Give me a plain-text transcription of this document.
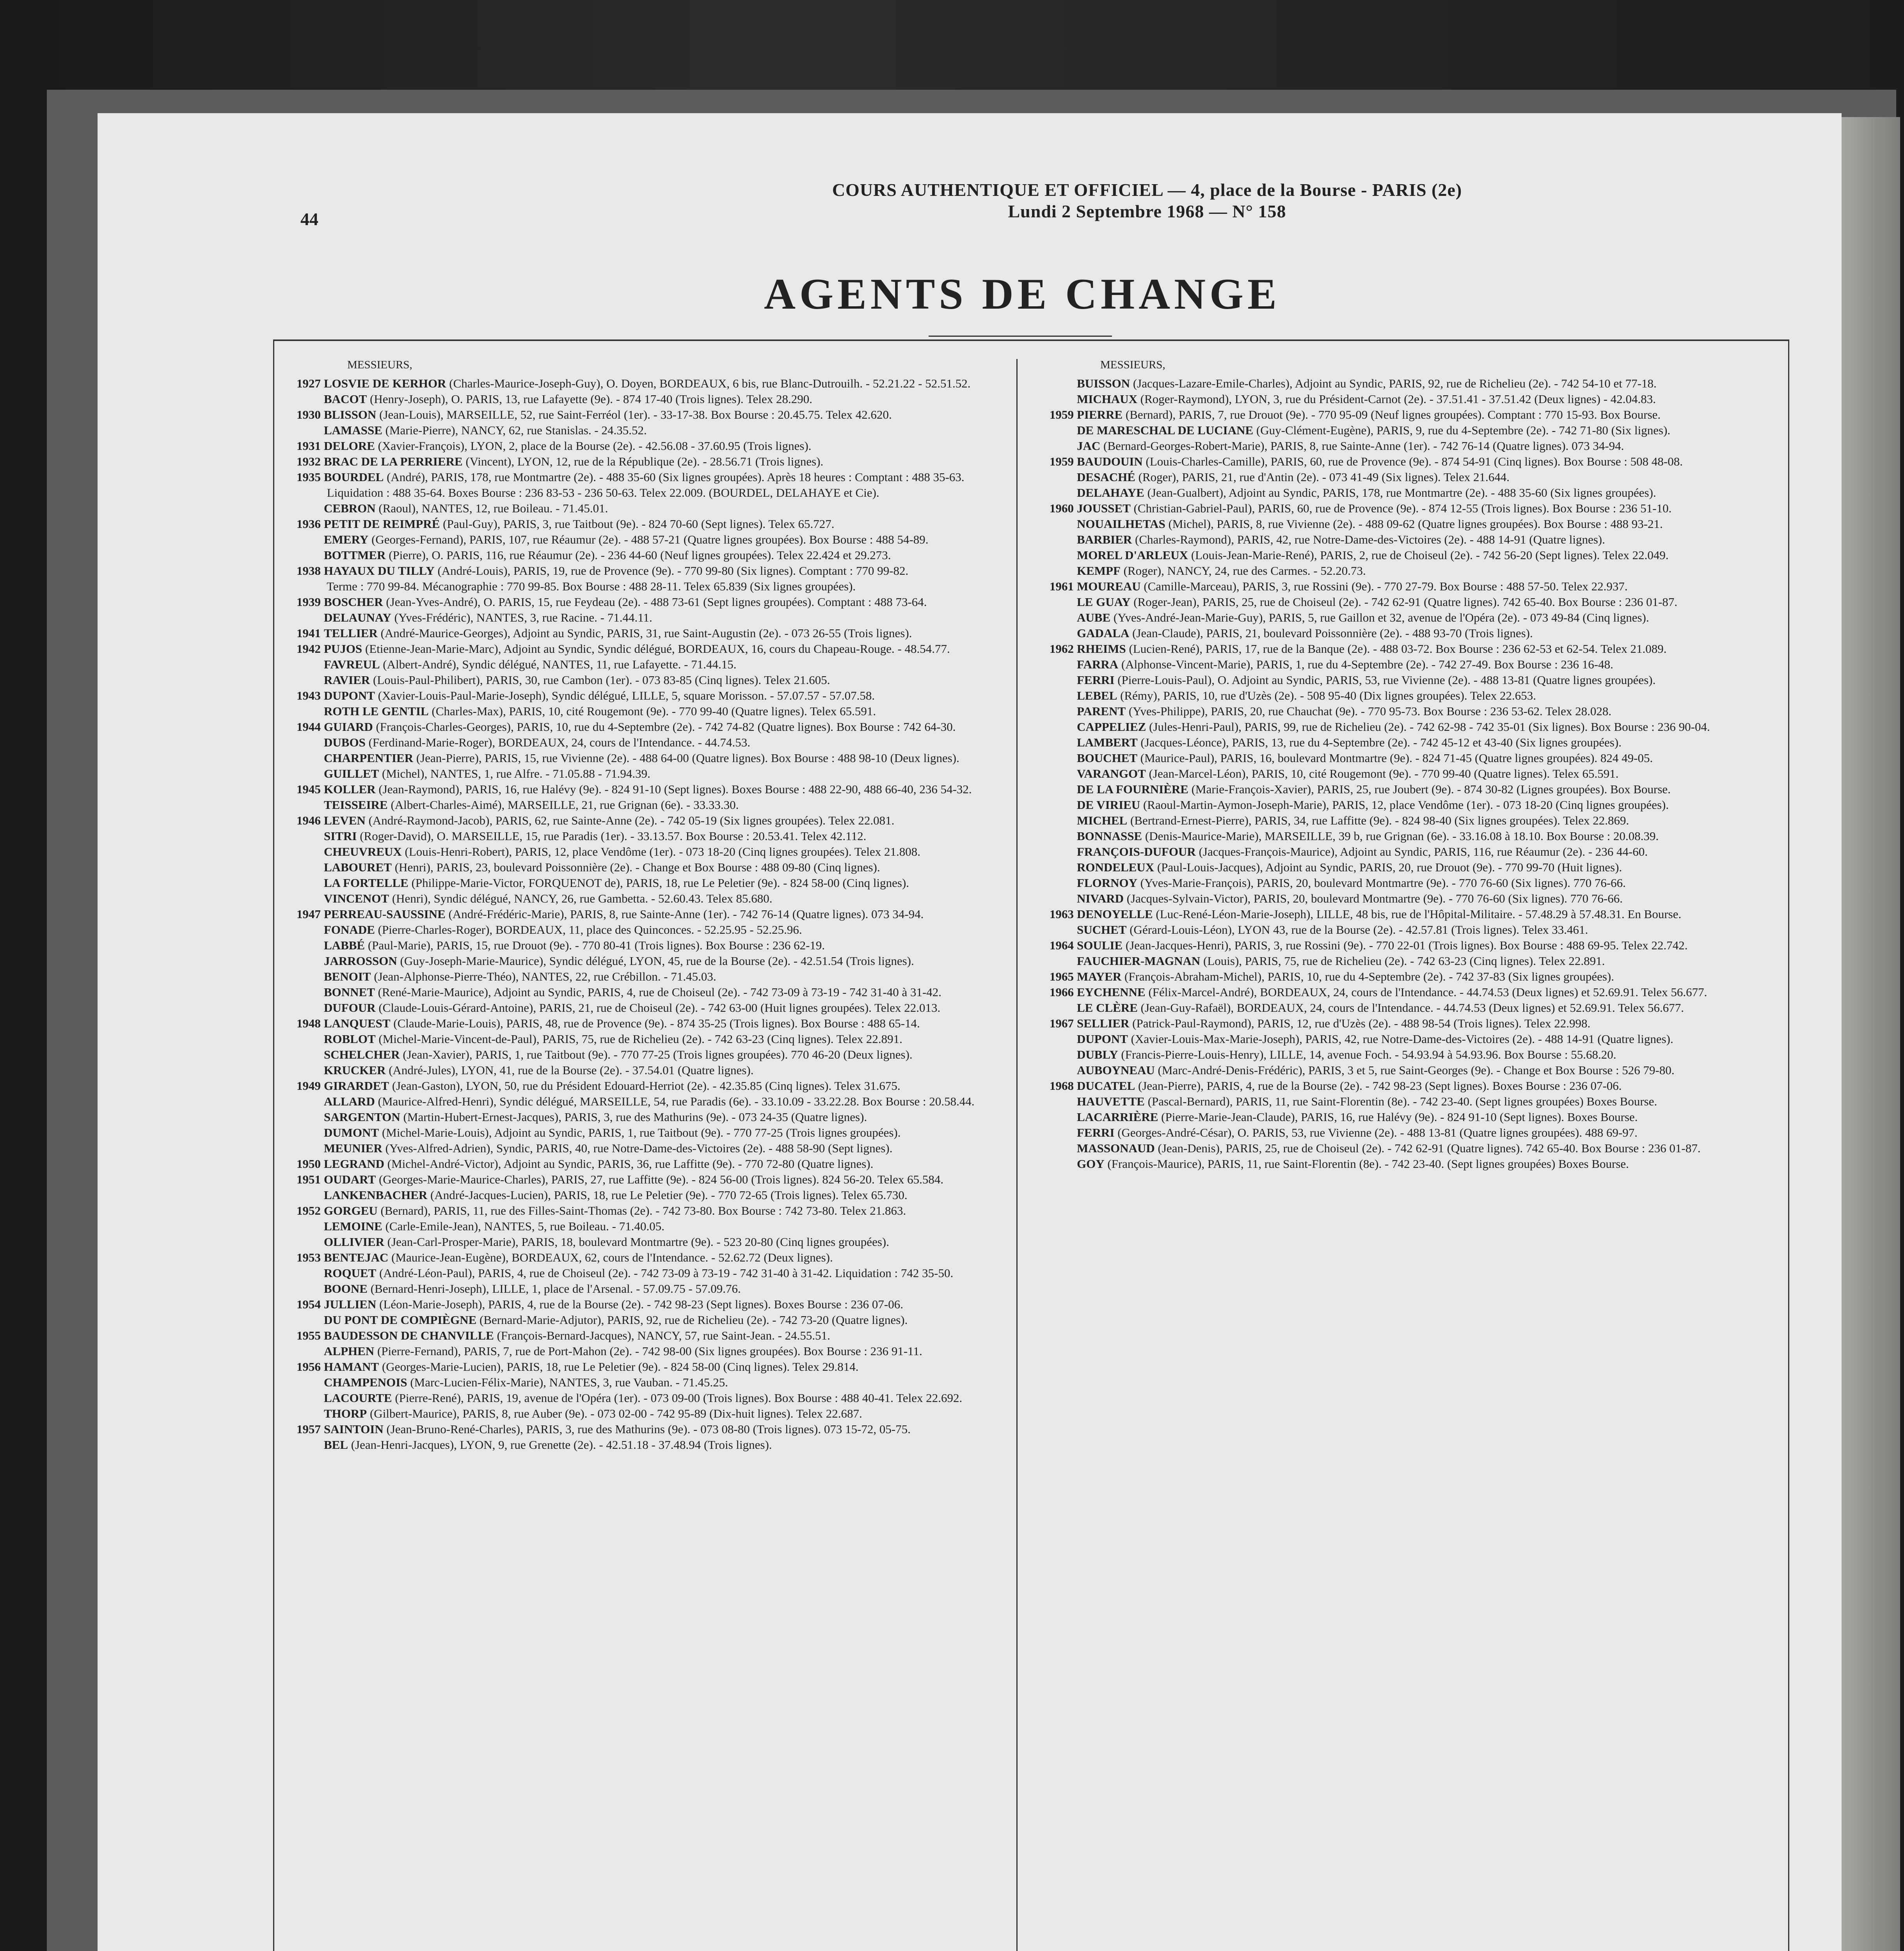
44
COURS AUTHENTIQUE ET OFFICIEL — 4, place de la Bourse - PARIS (2e)
Lundi 2 Septembre 1968 — N° 158
AGENTS DE CHANGE
MESSIEURS,
1927 LOSVIE DE KERHOR (Charles-Maurice-Joseph-Guy), O. Doyen, BORDEAUX, 6 bis, rue Blanc-Dutrouilh. - 52.21.22 - 52.51.52.
BACOT (Henry-Joseph), O. PARIS, 13, rue Lafayette (9e). - 874 17-40 (Trois lignes). Telex 28.290.
1930 BLISSON (Jean-Louis), MARSEILLE, 52, rue Saint-Ferréol (1er). - 33-17-38. Box Bourse : 20.45.75. Telex 42.620.
LAMASSE (Marie-Pierre), NANCY, 62, rue Stanislas. - 24.35.52.
1931 DELORE (Xavier-François), LYON, 2, place de la Bourse (2e). - 42.56.08 - 37.60.95 (Trois lignes).
1932 BRAC DE LA PERRIERE (Vincent), LYON, 12, rue de la République (2e). - 28.56.71 (Trois lignes).
1935 BOURDEL (André), PARIS, 178, rue Montmartre (2e). - 488 35-60 (Six lignes groupées). Après 18 heures : Comptant : 488 35-63.
Liquidation : 488 35-64. Boxes Bourse : 236 83-53 - 236 50-63. Telex 22.009. (BOURDEL, DELAHAYE et Cie).
CEBRON (Raoul), NANTES, 12, rue Boileau. - 71.45.01.
1936 PETIT DE REIMPRÉ (Paul-Guy), PARIS, 3, rue Taitbout (9e). - 824 70-60 (Sept lignes). Telex 65.727.
EMERY (Georges-Fernand), PARIS, 107, rue Réaumur (2e). - 488 57-21 (Quatre lignes groupées). Box Bourse : 488 54-89.
BOTTMER (Pierre), O. PARIS, 116, rue Réaumur (2e). - 236 44-60 (Neuf lignes groupées). Telex 22.424 et 29.273.
1938 HAYAUX DU TILLY (André-Louis), PARIS, 19, rue de Provence (9e). - 770 99-80 (Six lignes). Comptant : 770 99-82.
Terme : 770 99-84. Mécanographie : 770 99-85. Box Bourse : 488 28-11. Telex 65.839 (Six lignes groupées).
1939 BOSCHER (Jean-Yves-André), O. PARIS, 15, rue Feydeau (2e). - 488 73-61 (Sept lignes groupées). Comptant : 488 73-64.
DELAUNAY (Yves-Frédéric), NANTES, 3, rue Racine. - 71.44.11.
1941 TELLIER (André-Maurice-Georges), Adjoint au Syndic, PARIS, 31, rue Saint-Augustin (2e). - 073 26-55 (Trois lignes).
1942 PUJOS (Etienne-Jean-Marie-Marc), Adjoint au Syndic, Syndic délégué, BORDEAUX, 16, cours du Chapeau-Rouge. - 48.54.77.
FAVREUL (Albert-André), Syndic délégué, NANTES, 11, rue Lafayette. - 71.44.15.
RAVIER (Louis-Paul-Philibert), PARIS, 30, rue Cambon (1er). - 073 83-85 (Cinq lignes). Telex 21.605.
1943 DUPONT (Xavier-Louis-Paul-Marie-Joseph), Syndic délégué, LILLE, 5, square Morisson. - 57.07.57 - 57.07.58.
ROTH LE GENTIL (Charles-Max), PARIS, 10, cité Rougemont (9e). - 770 99-40 (Quatre lignes). Telex 65.591.
1944 GUIARD (François-Charles-Georges), PARIS, 10, rue du 4-Septembre (2e). - 742 74-82 (Quatre lignes). Box Bourse : 742 64-30.
DUBOS (Ferdinand-Marie-Roger), BORDEAUX, 24, cours de l'Intendance. - 44.74.53.
CHARPENTIER (Jean-Pierre), PARIS, 15, rue Vivienne (2e). - 488 64-00 (Quatre lignes). Box Bourse : 488 98-10 (Deux lignes).
GUILLET (Michel), NANTES, 1, rue Alfre. - 71.05.88 - 71.94.39.
1945 KOLLER (Jean-Raymond), PARIS, 16, rue Halévy (9e). - 824 91-10 (Sept lignes). Boxes Bourse : 488 22-90, 488 66-40, 236 54-32.
TEISSEIRE (Albert-Charles-Aimé), MARSEILLE, 21, rue Grignan (6e). - 33.33.30.
1946 LEVEN (André-Raymond-Jacob), PARIS, 62, rue Sainte-Anne (2e). - 742 05-19 (Six lignes groupées). Telex 22.081.
SITRI (Roger-David), O. MARSEILLE, 15, rue Paradis (1er). - 33.13.57. Box Bourse : 20.53.41. Telex 42.112.
CHEUVREUX (Louis-Henri-Robert), PARIS, 12, place Vendôme (1er). - 073 18-20 (Cinq lignes groupées). Telex 21.808.
LABOURET (Henri), PARIS, 23, boulevard Poissonnière (2e). - Change et Box Bourse : 488 09-80 (Cinq lignes).
LA FORTELLE (Philippe-Marie-Victor, FORQUENOT de), PARIS, 18, rue Le Peletier (9e). - 824 58-00 (Cinq lignes).
VINCENOT (Henri), Syndic délégué, NANCY, 26, rue Gambetta. - 52.60.43. Telex 85.680.
1947 PERREAU-SAUSSINE (André-Frédéric-Marie), PARIS, 8, rue Sainte-Anne (1er). - 742 76-14 (Quatre lignes). 073 34-94.
FONADE (Pierre-Charles-Roger), BORDEAUX, 11, place des Quinconces. - 52.25.95 - 52.25.96.
LABBÉ (Paul-Marie), PARIS, 15, rue Drouot (9e). - 770 80-41 (Trois lignes). Box Bourse : 236 62-19.
JARROSSON (Guy-Joseph-Marie-Maurice), Syndic délégué, LYON, 45, rue de la Bourse (2e). - 42.51.54 (Trois lignes).
BENOIT (Jean-Alphonse-Pierre-Théo), NANTES, 22, rue Crébillon. - 71.45.03.
BONNET (René-Marie-Maurice), Adjoint au Syndic, PARIS, 4, rue de Choiseul (2e). - 742 73-09 à 73-19 - 742 31-40 à 31-42.
DUFOUR (Claude-Louis-Gérard-Antoine), PARIS, 21, rue de Choiseul (2e). - 742 63-00 (Huit lignes groupées). Telex 22.013.
1948 LANQUEST (Claude-Marie-Louis), PARIS, 48, rue de Provence (9e). - 874 35-25 (Trois lignes). Box Bourse : 488 65-14.
ROBLOT (Michel-Marie-Vincent-de-Paul), PARIS, 75, rue de Richelieu (2e). - 742 63-23 (Cinq lignes). Telex 22.891.
SCHELCHER (Jean-Xavier), PARIS, 1, rue Taitbout (9e). - 770 77-25 (Trois lignes groupées). 770 46-20 (Deux lignes).
KRUCKER (André-Jules), LYON, 41, rue de la Bourse (2e). - 37.54.01 (Quatre lignes).
1949 GIRARDET (Jean-Gaston), LYON, 50, rue du Président Edouard-Herriot (2e). - 42.35.85 (Cinq lignes). Telex 31.675.
ALLARD (Maurice-Alfred-Henri), Syndic délégué, MARSEILLE, 54, rue Paradis (6e). - 33.10.09 - 33.22.28. Box Bourse : 20.58.44.
SARGENTON (Martin-Hubert-Ernest-Jacques), PARIS, 3, rue des Mathurins (9e). - 073 24-35 (Quatre lignes).
DUMONT (Michel-Marie-Louis), Adjoint au Syndic, PARIS, 1, rue Taitbout (9e). - 770 77-25 (Trois lignes groupées).
MEUNIER (Yves-Alfred-Adrien), Syndic, PARIS, 40, rue Notre-Dame-des-Victoires (2e). - 488 58-90 (Sept lignes).
1950 LEGRAND (Michel-André-Victor), Adjoint au Syndic, PARIS, 36, rue Laffitte (9e). - 770 72-80 (Quatre lignes).
1951 OUDART (Georges-Marie-Maurice-Charles), PARIS, 27, rue Laffitte (9e). - 824 56-00 (Trois lignes). 824 56-20. Telex 65.584.
LANKENBACHER (André-Jacques-Lucien), PARIS, 18, rue Le Peletier (9e). - 770 72-65 (Trois lignes). Telex 65.730.
1952 GORGEU (Bernard), PARIS, 11, rue des Filles-Saint-Thomas (2e). - 742 73-80. Box Bourse : 742 73-80. Telex 21.863.
LEMOINE (Carle-Emile-Jean), NANTES, 5, rue Boileau. - 71.40.05.
OLLIVIER (Jean-Carl-Prosper-Marie), PARIS, 18, boulevard Montmartre (9e). - 523 20-80 (Cinq lignes groupées).
1953 BENTEJAC (Maurice-Jean-Eugène), BORDEAUX, 62, cours de l'Intendance. - 52.62.72 (Deux lignes).
ROQUET (André-Léon-Paul), PARIS, 4, rue de Choiseul (2e). - 742 73-09 à 73-19 - 742 31-40 à 31-42. Liquidation : 742 35-50.
BOONE (Bernard-Henri-Joseph), LILLE, 1, place de l'Arsenal. - 57.09.75 - 57.09.76.
1954 JULLIEN (Léon-Marie-Joseph), PARIS, 4, rue de la Bourse (2e). - 742 98-23 (Sept lignes). Boxes Bourse : 236 07-06.
DU PONT DE COMPIÈGNE (Bernard-Marie-Adjutor), PARIS, 92, rue de Richelieu (2e). - 742 73-20 (Quatre lignes).
1955 BAUDESSON DE CHANVILLE (François-Bernard-Jacques), NANCY, 57, rue Saint-Jean. - 24.55.51.
ALPHEN (Pierre-Fernand), PARIS, 7, rue de Port-Mahon (2e). - 742 98-00 (Six lignes groupées). Box Bourse : 236 91-11.
1956 HAMANT (Georges-Marie-Lucien), PARIS, 18, rue Le Peletier (9e). - 824 58-00 (Cinq lignes). Telex 29.814.
CHAMPENOIS (Marc-Lucien-Félix-Marie), NANTES, 3, rue Vauban. - 71.45.25.
LACOURTE (Pierre-René), PARIS, 19, avenue de l'Opéra (1er). - 073 09-00 (Trois lignes). Box Bourse : 488 40-41. Telex 22.692.
THORP (Gilbert-Maurice), PARIS, 8, rue Auber (9e). - 073 02-00 - 742 95-89 (Dix-huit lignes). Telex 22.687.
1957 SAINTOIN (Jean-Bruno-René-Charles), PARIS, 3, rue des Mathurins (9e). - 073 08-80 (Trois lignes). 073 15-72, 05-75.
BEL (Jean-Henri-Jacques), LYON, 9, rue Grenette (2e). - 42.51.18 - 37.48.94 (Trois lignes).
MESSIEURS,
BUISSON (Jacques-Lazare-Emile-Charles), Adjoint au Syndic, PARIS, 92, rue de Richelieu (2e). - 742 54-10 et 77-18.
MICHAUX (Roger-Raymond), LYON, 3, rue du Président-Carnot (2e). - 37.51.41 - 37.51.42 (Deux lignes) - 42.04.83.
1959 PIERRE (Bernard), PARIS, 7, rue Drouot (9e). - 770 95-09 (Neuf lignes groupées). Comptant : 770 15-93. Box Bourse.
DE MARESCHAL DE LUCIANE (Guy-Clément-Eugène), PARIS, 9, rue du 4-Septembre (2e). - 742 71-80 (Six lignes).
JAC (Bernard-Georges-Robert-Marie), PARIS, 8, rue Sainte-Anne (1er). - 742 76-14 (Quatre lignes). 073 34-94.
1959 BAUDOUIN (Louis-Charles-Camille), PARIS, 60, rue de Provence (9e). - 874 54-91 (Cinq lignes). Box Bourse : 508 48-08.
DESACHÉ (Roger), PARIS, 21, rue d'Antin (2e). - 073 41-49 (Six lignes). Telex 21.644.
DELAHAYE (Jean-Gualbert), Adjoint au Syndic, PARIS, 178, rue Montmartre (2e). - 488 35-60 (Six lignes groupées).
1960 JOUSSET (Christian-Gabriel-Paul), PARIS, 60, rue de Provence (9e). - 874 12-55 (Trois lignes). Box Bourse : 236 51-10.
NOUAILHETAS (Michel), PARIS, 8, rue Vivienne (2e). - 488 09-62 (Quatre lignes groupées). Box Bourse : 488 93-21.
BARBIER (Charles-Raymond), PARIS, 42, rue Notre-Dame-des-Victoires (2e). - 488 14-91 (Quatre lignes).
MOREL D'ARLEUX (Louis-Jean-Marie-René), PARIS, 2, rue de Choiseul (2e). - 742 56-20 (Sept lignes). Telex 22.049.
KEMPF (Roger), NANCY, 24, rue des Carmes. - 52.20.73.
1961 MOUREAU (Camille-Marceau), PARIS, 3, rue Rossini (9e). - 770 27-79. Box Bourse : 488 57-50. Telex 22.937.
LE GUAY (Roger-Jean), PARIS, 25, rue de Choiseul (2e). - 742 62-91 (Quatre lignes). 742 65-40. Box Bourse : 236 01-87.
AUBE (Yves-André-Jean-Marie-Guy), PARIS, 5, rue Gaillon et 32, avenue de l'Opéra (2e). - 073 49-84 (Cinq lignes).
GADALA (Jean-Claude), PARIS, 21, boulevard Poissonnière (2e). - 488 93-70 (Trois lignes).
1962 RHEIMS (Lucien-René), PARIS, 17, rue de la Banque (2e). - 488 03-72. Box Bourse : 236 62-53 et 62-54. Telex 21.089.
FARRA (Alphonse-Vincent-Marie), PARIS, 1, rue du 4-Septembre (2e). - 742 27-49. Box Bourse : 236 16-48.
FERRI (Pierre-Louis-Paul), O. Adjoint au Syndic, PARIS, 53, rue Vivienne (2e). - 488 13-81 (Quatre lignes groupées).
LEBEL (Rémy), PARIS, 10, rue d'Uzès (2e). - 508 95-40 (Dix lignes groupées). Telex 22.653.
PARENT (Yves-Philippe), PARIS, 20, rue Chauchat (9e). - 770 95-73. Box Bourse : 236 53-62. Telex 28.028.
CAPPELIEZ (Jules-Henri-Paul), PARIS, 99, rue de Richelieu (2e). - 742 62-98 - 742 35-01 (Six lignes). Box Bourse : 236 90-04.
LAMBERT (Jacques-Léonce), PARIS, 13, rue du 4-Septembre (2e). - 742 45-12 et 43-40 (Six lignes groupées).
BOUCHET (Maurice-Paul), PARIS, 16, boulevard Montmartre (9e). - 824 71-45 (Quatre lignes groupées). 824 49-05.
VARANGOT (Jean-Marcel-Léon), PARIS, 10, cité Rougemont (9e). - 770 99-40 (Quatre lignes). Telex 65.591.
DE LA FOURNIÈRE (Marie-François-Xavier), PARIS, 25, rue Joubert (9e). - 874 30-82 (Lignes groupées). Box Bourse.
DE VIRIEU (Raoul-Martin-Aymon-Joseph-Marie), PARIS, 12, place Vendôme (1er). - 073 18-20 (Cinq lignes groupées).
MICHEL (Bertrand-Ernest-Pierre), PARIS, 34, rue Laffitte (9e). - 824 98-40 (Six lignes groupées). Telex 22.869.
BONNASSE (Denis-Maurice-Marie), MARSEILLE, 39 b, rue Grignan (6e). - 33.16.08 à 18.10. Box Bourse : 20.08.39.
FRANÇOIS-DUFOUR (Jacques-François-Maurice), Adjoint au Syndic, PARIS, 116, rue Réaumur (2e). - 236 44-60.
RONDELEUX (Paul-Louis-Jacques), Adjoint au Syndic, PARIS, 20, rue Drouot (9e). - 770 99-70 (Huit lignes).
FLORNOY (Yves-Marie-François), PARIS, 20, boulevard Montmartre (9e). - 770 76-60 (Six lignes). 770 76-66.
NIVARD (Jacques-Sylvain-Victor), PARIS, 20, boulevard Montmartre (9e). - 770 76-60 (Six lignes). 770 76-66.
1963 DENOYELLE (Luc-René-Léon-Marie-Joseph), LILLE, 48 bis, rue de l'Hôpital-Militaire. - 57.48.29 à 57.48.31. En Bourse.
SUCHET (Gérard-Louis-Léon), LYON 43, rue de la Bourse (2e). - 42.57.81 (Trois lignes). Telex 33.461.
1964 SOULIE (Jean-Jacques-Henri), PARIS, 3, rue Rossini (9e). - 770 22-01 (Trois lignes). Box Bourse : 488 69-95. Telex 22.742.
FAUCHIER-MAGNAN (Louis), PARIS, 75, rue de Richelieu (2e). - 742 63-23 (Cinq lignes). Telex 22.891.
1965 MAYER (François-Abraham-Michel), PARIS, 10, rue du 4-Septembre (2e). - 742 37-83 (Six lignes groupées).
1966 EYCHENNE (Félix-Marcel-André), BORDEAUX, 24, cours de l'Intendance. - 44.74.53 (Deux lignes) et 52.69.91. Telex 56.677.
LE CLÈRE (Jean-Guy-Rafaël), BORDEAUX, 24, cours de l'Intendance. - 44.74.53 (Deux lignes) et 52.69.91. Telex 56.677.
1967 SELLIER (Patrick-Paul-Raymond), PARIS, 12, rue d'Uzès (2e). - 488 98-54 (Trois lignes). Telex 22.998.
DUPONT (Xavier-Louis-Max-Marie-Joseph), PARIS, 42, rue Notre-Dame-des-Victoires (2e). - 488 14-91 (Quatre lignes).
DUBLY (Francis-Pierre-Louis-Henry), LILLE, 14, avenue Foch. - 54.93.94 à 54.93.96. Box Bourse : 55.68.20.
AUBOYNEAU (Marc-André-Denis-Frédéric), PARIS, 3 et 5, rue Saint-Georges (9e). - Change et Box Bourse : 526 79-80.
1968 DUCATEL (Jean-Pierre), PARIS, 4, rue de la Bourse (2e). - 742 98-23 (Sept lignes). Boxes Bourse : 236 07-06.
HAUVETTE (Pascal-Bernard), PARIS, 11, rue Saint-Florentin (8e). - 742 23-40. (Sept lignes groupées) Boxes Bourse.
LACARRIÈRE (Pierre-Marie-Jean-Claude), PARIS, 16, rue Halévy (9e). - 824 91-10 (Sept lignes). Boxes Bourse.
FERRI (Georges-André-César), O. PARIS, 53, rue Vivienne (2e). - 488 13-81 (Quatre lignes groupées). 488 69-97.
MASSONAUD (Jean-Denis), PARIS, 25, rue de Choiseul (2e). - 742 62-91 (Quatre lignes). 742 65-40. Box Bourse : 236 01-87.
GOY (François-Maurice), PARIS, 11, rue Saint-Florentin (8e). - 742 23-40. (Sept lignes groupées) Boxes Bourse.
